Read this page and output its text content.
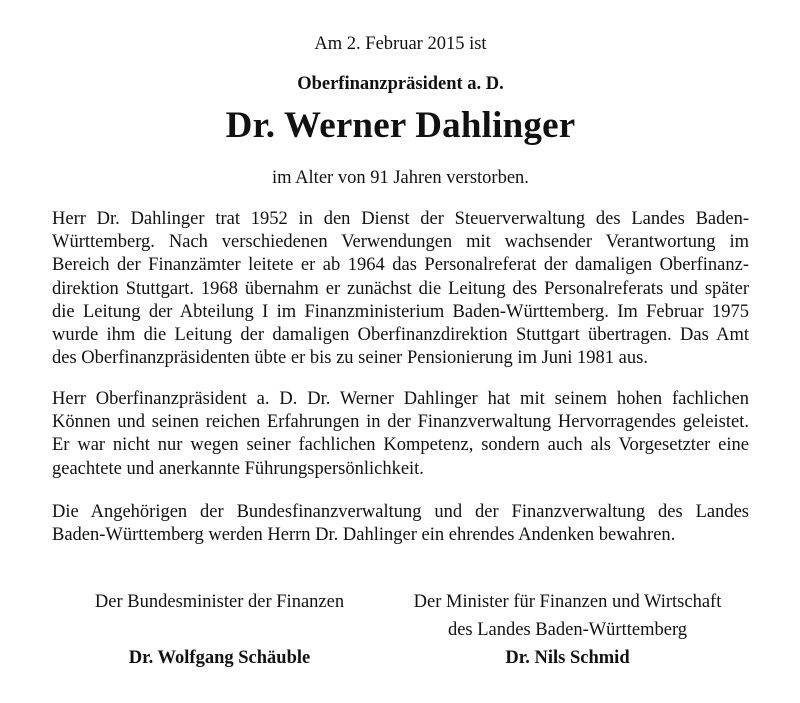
Am 2. Februar 2015 ist
Oberfinanzpräsident a. D.
Dr. Werner Dahlinger
im Alter von 91 Jahren verstorben.

Herr Dr. Dahlinger trat 1952 in den Dienst der Steuerverwaltung des Landes Baden-
Württemberg. Nach verschiedenen Verwendungen mit wachsender Verantwortung im
Bereich der Finanzämter leitete er ab 1964 das Personalreferat der damaligen Oberfinanz-
direktion Stuttgart. 1968 übernahm er zunächst die Leitung des Personalreferats und später
die Leitung der Abteilung I im Finanzministerium Baden-Württemberg. Im Februar 1975
wurde ihm die Leitung der damaligen Oberfinanzdirektion Stuttgart übertragen. Das Amt
des Oberfinanzpräsidenten übte er bis zu seiner Pensionierung im Juni 1981 aus.

Herr Oberfinanzpräsident a. D. Dr. Werner Dahlinger hat mit seinem hohen fachlichen
Können und seinen reichen Erfahrungen in der Finanzverwaltung Hervorragendes geleistet.
Er war nicht nur wegen seiner fachlichen Kompetenz, sondern auch als Vorgesetzter eine
geachtete und anerkannte Führungspersönlichkeit.

Die Angehörigen der Bundesfinanzverwaltung und der Finanzverwaltung des Landes
Baden-Württemberg werden Herrn Dr. Dahlinger ein ehrendes Andenken bewahren.

Der Bundesminister der Finanzen
Dr. Wolfgang Schäuble
Der Minister für Finanzen und Wirtschaft
des Landes Baden-Württemberg
Dr. Nils Schmid
